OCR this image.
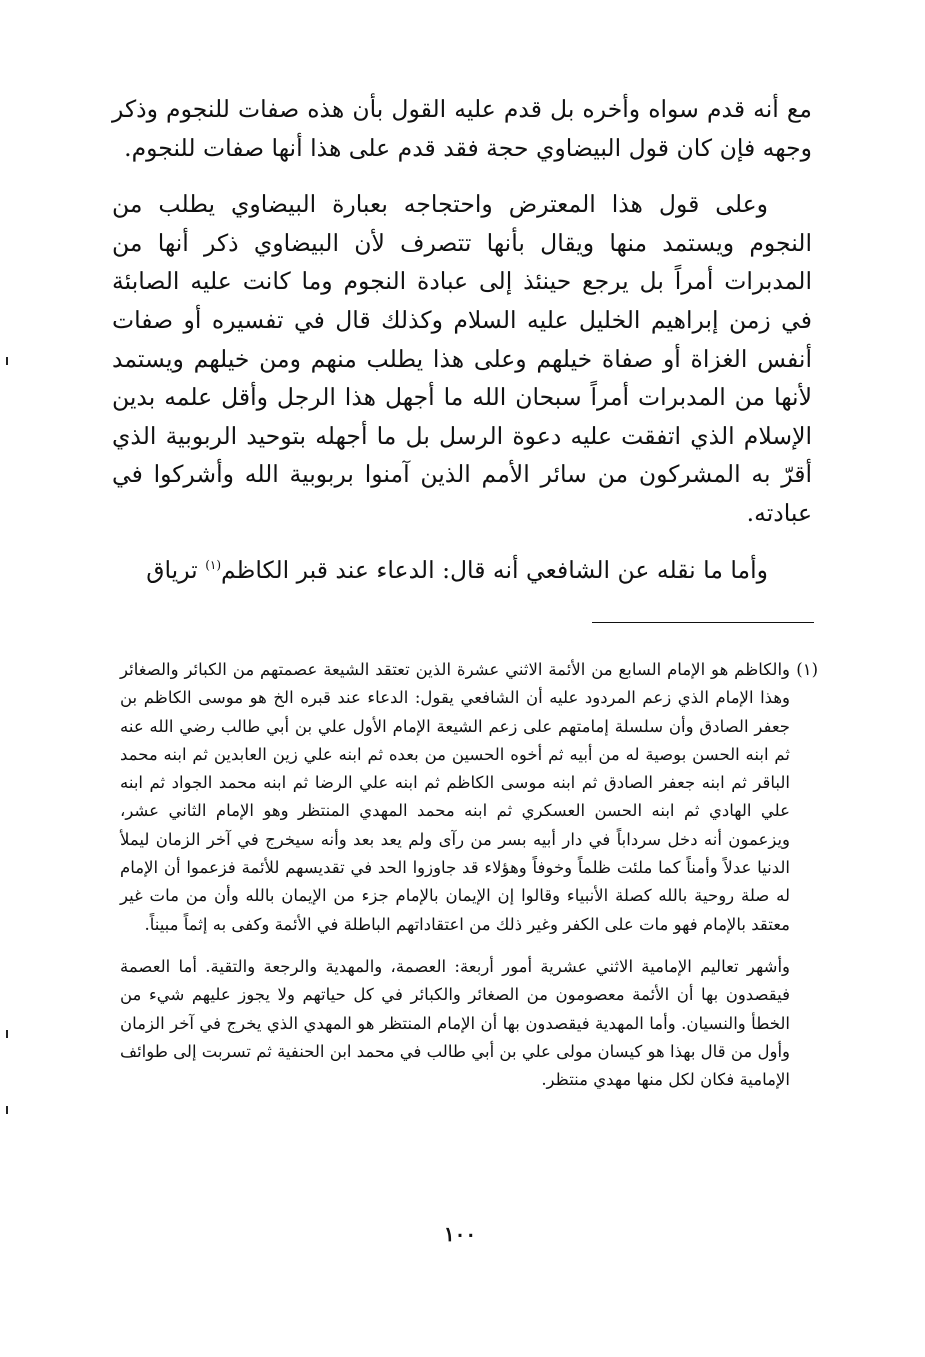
مع أنه قدم سواه وأخره بل قدم عليه القول بأن هذه صفات للنجوم وذكر وجهه فإن كان قول البيضاوي حجة فقد قدم على هذا أنها صفات للنجوم.

وعلى قول هذا المعترض واحتجاجه بعبارة البيضاوي يطلب من النجوم ويستمد منها ويقال بأنها تتصرف لأن البيضاوي ذكر أنها من المدبرات أمراً بل يرجع حينئذ إلى عبادة النجوم وما كانت عليه الصابئة في زمن إبراهيم الخليل عليه السلام وكذلك قال في تفسيره أو صفات أنفس الغزاة أو صفاة خيلهم وعلى هذا يطلب منهم ومن خيلهم ويستمد لأنها من المدبرات أمراً سبحان الله ما أجهل هذا الرجل وأقل علمه بدين الإسلام الذي اتفقت عليه دعوة الرسل بل ما أجهله بتوحيد الربوبية الذي أقرّ به المشركون من سائر الأمم الذين آمنوا بربوبية الله وأشركوا في عبادته.

وأما ما نقله عن الشافعي أنه قال: الدعاء عند قبر الكاظم$^{(١)}$ ترياق

(١)

والكاظم هو الإمام السابع من الأئمة الاثني عشرة الذين تعتقد الشيعة عصمتهم من الكبائر والصغائر وهذا الإمام الذي زعم المردود عليه أن الشافعي يقول: الدعاء عند قبره الخ هو موسى الكاظم بن جعفر الصادق وأن سلسلة إمامتهم على زعم الشيعة الإمام الأول علي بن أبي طالب رضي الله عنه ثم ابنه الحسن بوصية له من أبيه ثم أخوه الحسين من بعده ثم ابنه علي زين العابدين ثم ابنه محمد الباقر ثم ابنه جعفر الصادق ثم ابنه موسى الكاظم ثم ابنه علي الرضا ثم ابنه محمد الجواد ثم ابنه علي الهادي ثم ابنه الحسن العسكري ثم ابنه محمد المهدي المنتظر وهو الإمام الثاني عشر، ويزعمون أنه دخل سرداباً في دار أبيه بسر من رآى ولم يعد بعد وأنه سيخرج في آخر الزمان ليملأ الدنيا عدلاً وأمناً كما ملئت ظلماً وخوفاً وهؤلاء قد جاوزوا الحد في تقديسهم للأئمة فزعموا أن الإمام له صلة روحية بالله كصلة الأنبياء وقالوا إن الإيمان بالإمام جزء من الإيمان بالله وأن من مات غير معتقد بالإمام فهو مات على الكفر وغير ذلك من اعتقاداتهم الباطلة في الأئمة وكفى به إثماً مبيناً.

وأشهر تعاليم الإمامية الاثني عشرية أمور أربعة: العصمة، والمهدية والرجعة والتقية. أما العصمة فيقصدون بها أن الأئمة معصومون من الصغائر والكبائر في كل حياتهم ولا يجوز عليهم شيء من الخطأ والنسيان. وأما المهدية فيقصدون بها أن الإمام المنتظر هو المهدي الذي يخرج في آخر الزمان وأول من قال بهذا هو كيسان مولى علي بن أبي طالب في محمد ابن الحنفية ثم تسربت إلى طوائف الإمامية فكان لكل منها مهدي منتظر.

١٠٠
